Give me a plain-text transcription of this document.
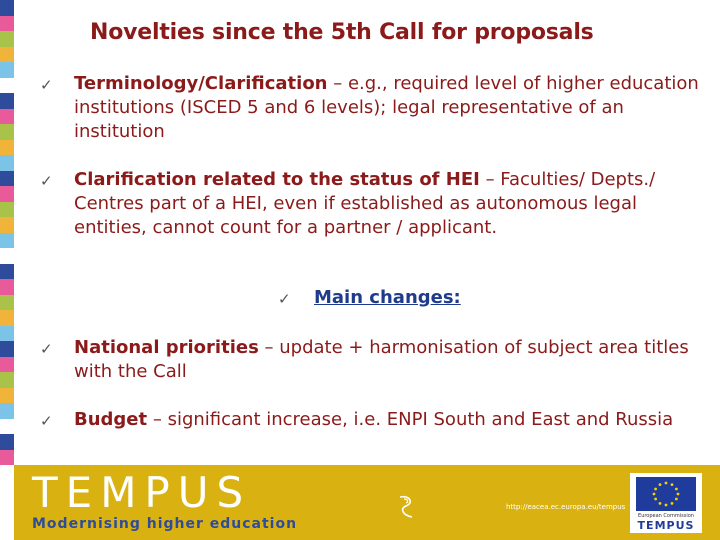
Novelties since the 5th Call for proposals
✓	Terminology/Clarification – e.g., required level of higher education institutions (ISCED 5 and 6 levels); legal representative of an institution
✓	Clarification related to the status of HEI – Faculties/ Depts./ Centres part of a HEI, even if established as autonomous legal entities, cannot count for a partner / applicant.
✓	Main changes:
✓	National priorities – update + harmonisation of subject area titles with the Call
✓	Budget – significant increase, i.e. ENPI South and East and Russia
TEMPUS
Modernising higher education
http://eacea.ec.europa.eu/tempus
European Commission
TEMPUS
